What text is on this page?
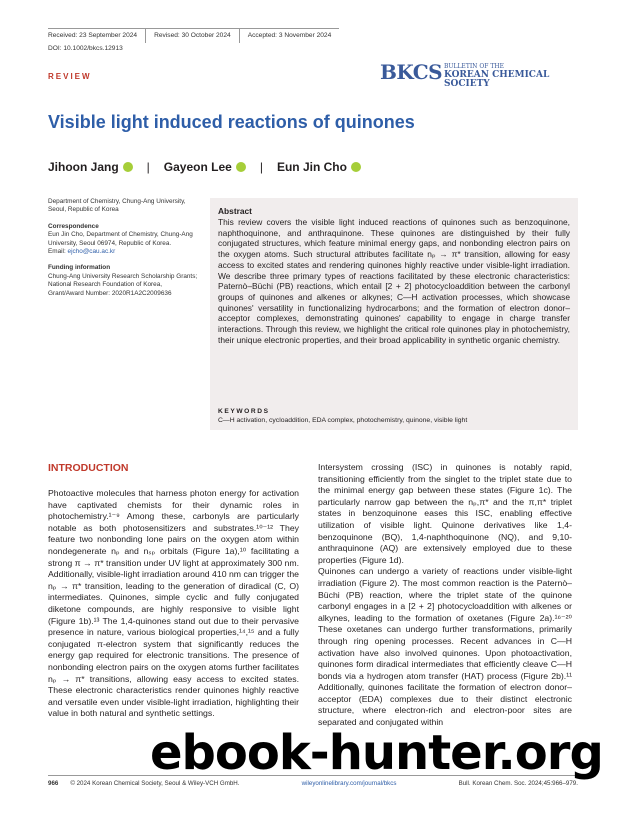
Received: 23 September 2024	Revised: 30 October 2024	Accepted: 3 November 2024
DOI: 10.1002/bkcs.12913
REVIEW	BKCS BULLETIN OF THE
KOREAN CHEMICAL SOCIETY
Visible light induced reactions of quinones
Jihoon Jang | Gayeon Lee | Eun Jin Cho
Department of Chemistry, Chung-Ang University, Seoul, Republic of Korea
Correspondence
Eun Jin Cho, Department of Chemistry, Chung-Ang University, Seoul 06974, Republic of Korea.
Email: ejcho@cau.ac.kr
Funding information
Chung-Ang University Research Scholarship Grants; National Research Foundation of Korea, Grant/Award Number: 2020R1A2C2009636
Abstract
This review covers the visible light induced reactions of quinones such as benzoquinone, naphthoquinone, and anthraquinone. These quinones are distinguished by their fully conjugated structures, which feature minimal energy gaps, and nonbonding electron pairs on the oxygen atoms. Such structural attributes facilitate nₚ → π* transition, allowing for easy access to excited states and rendering quinones highly reactive under visible-light irradiation. We describe three primary types of reactions facilitated by these electronic characteristics: Paternò–Büchi (PB) reactions, which entail [2 + 2] photocycloaddition between the carbonyl groups of quinones and alkenes or alkynes; C—H activation processes, which showcase quinones' versatility in functionalizing hydrocarbons; and the formation of electron donor–acceptor complexes, demonstrating quinones' capability to engage in charge transfer interactions. Through this review, we highlight the critical role quinones play in photochemistry, their unique electronic properties, and their broad applicability in synthetic organic chemistry.
KEYWORDS
C—H activation, cycloaddition, EDA complex, photochemistry, quinone, visible light
INTRODUCTION
Photoactive molecules that harness photon energy for activation have captivated chemists for their dynamic roles in photochemistry.¹⁻⁹ Among these, carbonyls are particularly notable as both photosensitizers and substrates.¹⁰⁻¹² They feature two nonbonding lone pairs on the oxygen atom within nondegenerate nₚ and nₛₚ orbitals (Figure 1a),¹⁰ facilitating a strong π → π* transition under UV light at approximately 300 nm. Additionally, visible-light irradiation around 410 nm can trigger the nₚ → π* transition, leading to the generation of diradical (C, O) intermediates. Quinones, simple cyclic and fully conjugated diketone compounds, are highly responsive to visible light (Figure 1b).¹³ The 1,4-quinones stand out due to their pervasive presence in nature, various biological properties,¹⁴,¹⁵ and a fully conjugated π-electron system that significantly reduces the energy gap required for electronic transitions. The presence of nonbonding electron pairs on the oxygen atoms further facilitates nₚ → π* transitions, allowing easy access to excited states. These electronic characteristics render quinones highly reactive and versatile even under visible-light irradiation, highlighting their value in both natural and synthetic settings.
Intersystem crossing (ISC) in quinones is notably rapid, transitioning efficiently from the singlet to the triplet state due to the minimal energy gap between these states (Figure 1c). The particularly narrow gap between the nₚ,π* and the π,π* triplet states in benzoquinone eases this ISC, enabling effective utilization of visible light. Quinone derivatives like 1,4-benzoquinone (BQ), 1,4-naphthoquinone (NQ), and 9,10-anthraquinone (AQ) are extensively employed due to these properties (Figure 1d).
Quinones can undergo a variety of reactions under visible-light irradiation (Figure 2). The most common reaction is the Paternò–Büchi (PB) reaction, where the triplet state of the quinone carbonyl engages in a [2 + 2] photocycloaddition with alkenes or alkynes, leading to the formation of oxetanes (Figure 2a).¹⁶⁻²⁰ These oxetanes can undergo further transformations, primarily through ring opening processes. Recent advances in C—H activation have also involved quinones. Upon photoactivation, quinones form diradical intermediates that efficiently cleave C—H bonds via a hydrogen atom transfer (HAT) process (Figure 2b).¹¹ Additionally, quinones facilitate the formation of electron donor–acceptor (EDA) complexes due to their distinct electronic structure, where electron-rich and electron-poor sites are separated and conjugated within
966 © 2024 Korean Chemical Society, Seoul & Wiley-VCH GmbH.	wileyonlinelibrary.com/journal/bkcs	Bull. Korean Chem. Soc. 2024;45:966–979.
ebook-hunter.org
